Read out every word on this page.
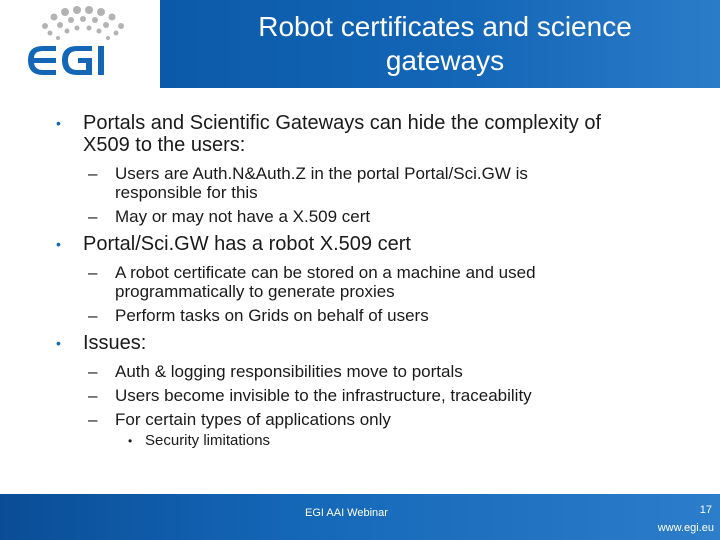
Robot certificates and science
gateways
• Portals and Scientific Gateways can hide the complexity of
X509 to the users:
– Users are Auth.N&Auth.Z in the portal Portal/Sci.GW is
responsible for this
– May or may not have a X.509 cert
• Portal/Sci.GW has a robot X.509 cert
– A robot certificate can be stored on a machine and used
programmatically to generate proxies
– Perform tasks on Grids on behalf of users
• Issues:
– Auth & logging responsibilities move to portals
– Users become invisible to the infrastructure, traceability
– For certain types of applications only
• Security limitations
EGI AAI Webinar	17
www.egi.eu
